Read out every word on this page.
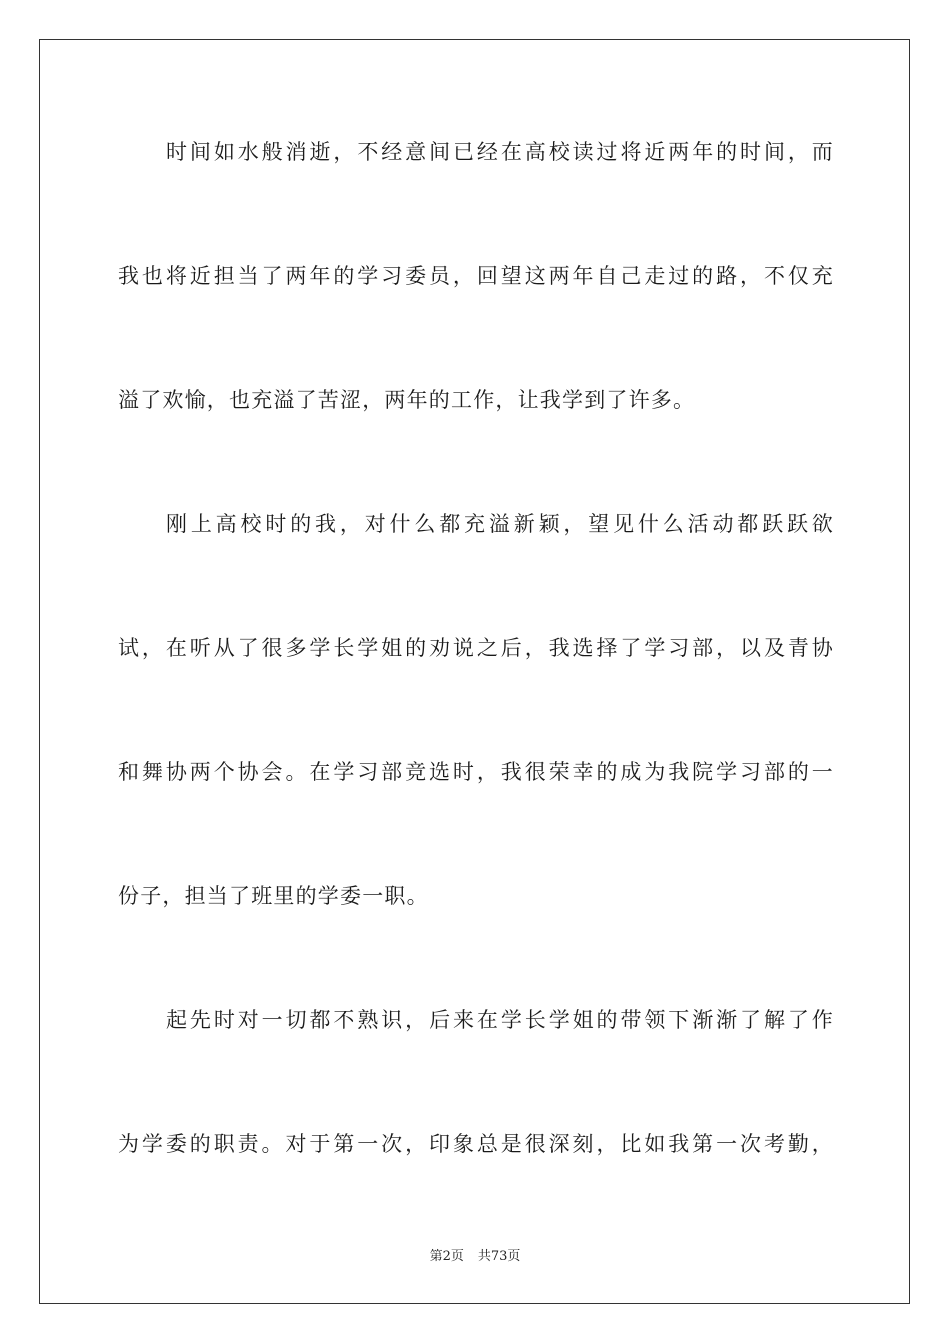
时间如水般消逝，不经意间已经在高校读过将近两年的时间，而
我也将近担当了两年的学习委员，回望这两年自己走过的路，不仅充
溢了欢愉，也充溢了苦涩，两年的工作，让我学到了许多。
刚上高校时的我，对什么都充溢新颖，望见什么活动都跃跃欲
试，在听从了很多学长学姐的劝说之后，我选择了学习部，以及青协
和舞协两个协会。在学习部竞选时，我很荣幸的成为我院学习部的一
份子，担当了班里的学委一职。
起先时对一切都不熟识，后来在学长学姐的带领下渐渐了解了作
为学委的职责。对于第一次，印象总是很深刻，比如我第一次考勤，
第2页 共73页
